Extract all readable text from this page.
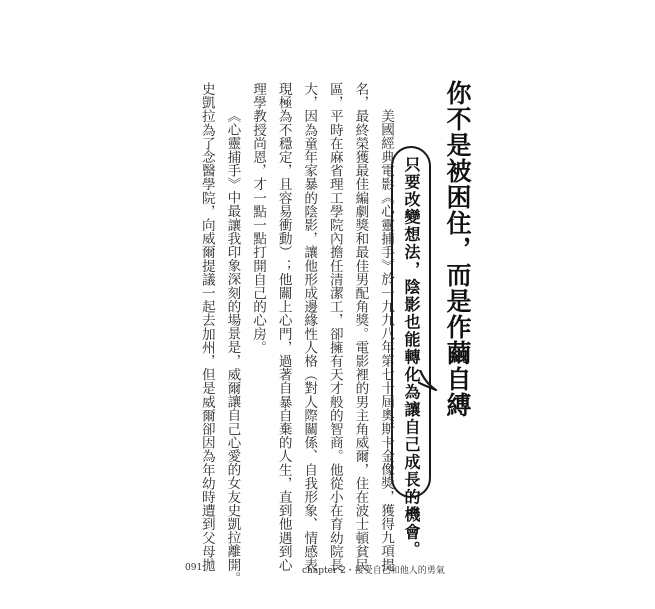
你不是被困住，而是作繭自縛
只要改變想法，陰影也能轉化為讓自己成長的機會。

美國經典電影《心靈捕手》於一九九八年第七十屆奧斯卡金像獎，獲得九項提

名，最終榮獲最佳編劇獎和最佳男配角獎。電影裡的男主角威爾，住在波士頓貧民

區，平時在麻省理工學院內擔任清潔工，卻擁有天才般的智商。他從小在育幼院長

大，因為童年家暴的陰影，讓他形成邊緣性人格（對人際關係、自我形象、情感表

現極為不穩定，且容易衝動）；他關上心門，過著自暴自棄的人生，直到他遇到心

理學教授尚恩，才一點一點打開自己的心房。

《心靈捕手》中最讓我印象深刻的場景是，威爾讓自己心愛的女友史凱拉離開。

史凱拉為了念醫學院，向威爾提議一起去加州，但是威爾卻因為年幼時遭到父母拋

091	chapter 2・接受自己和他人的勇氣
